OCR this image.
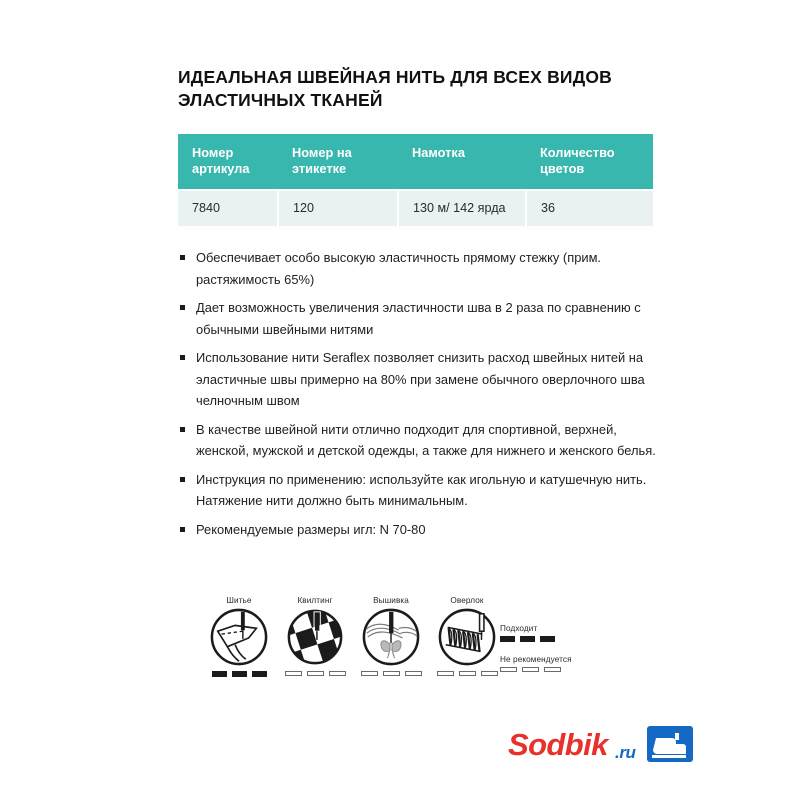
ИДЕАЛЬНАЯ ШВЕЙНАЯ НИТЬ ДЛЯ ВСЕХ ВИДОВ ЭЛАСТИЧНЫХ ТКАНЕЙ
Номер артикула	Номер на этикетке	Намотка	Количество цветов
7840	120	130 м/ 142 ярда	36
Обеспечивает особо высокую эластичность прямому стежку (прим. растяжимость 65%)
Дает возможность увеличения эластичности шва в 2 раза по сравнению с обычными швейными нитями
Использование нити Seraflex позволяет снизить расход швейных нитей на эластичные швы примерно на 80% при замене обычного оверлочного шва челночным швом
В качестве швейной нити отлично подходит для спортивной, верхней, женской, мужской и детской одежды, а также для нижнего и женского белья.
Инструкция по применению: используйте как игольную и катушечную нить. Натяжение нити должно быть минимальным.
Рекомендуемые размеры игл: N 70-80
Шитье	Квилтинг	Вышивка	Оверлок
Подходит
Не рекомендуется
Sodbik .ru
